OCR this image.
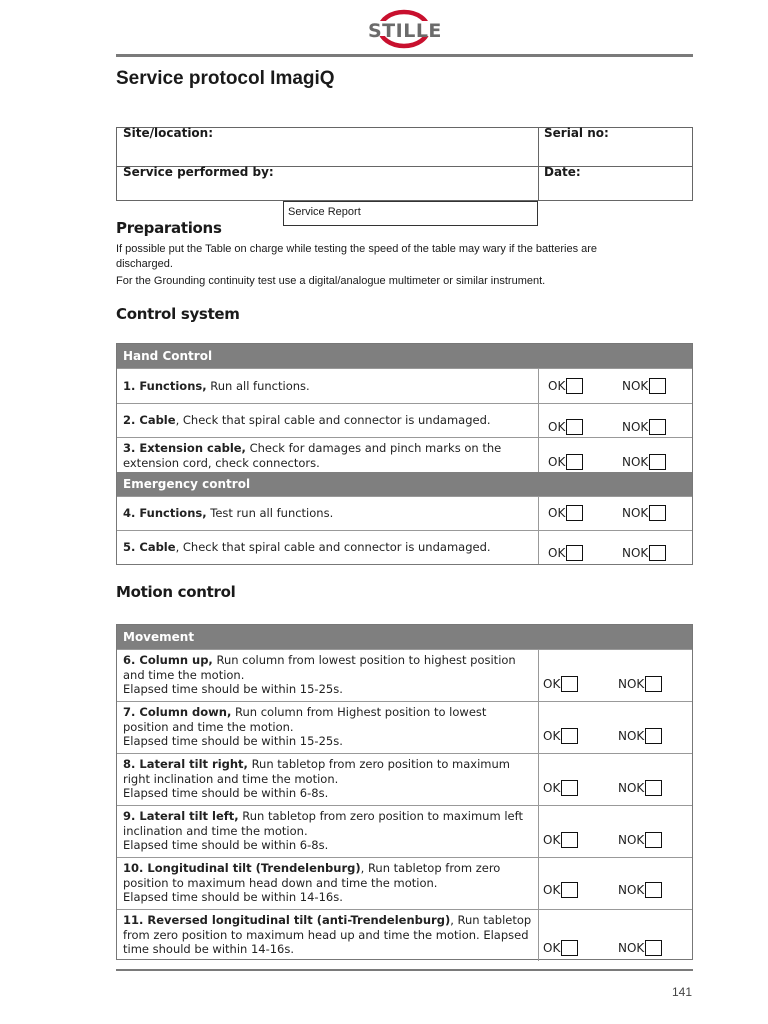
STILLE
Service protocol ImagiQ
Site/location:	Serial no:
Service performed by:	Date:
Service Report
Preparations
If possible put the Table on charge while testing the speed of the table may wary if the batteries are discharged.
For the Grounding continuity test use a digital/analogue multimeter or similar instrument.
Control system
Hand Control
1. Functions, Run all functions.	OK	NOK
2. Cable, Check that spiral cable and connector is undamaged.	OK	NOK
3. Extension cable, Check for damages and pinch marks on the extension cord, check connectors.	OK	NOK
Emergency control
4. Functions, Test run all functions.	OK	NOK
5. Cable, Check that spiral cable and connector is undamaged.	OK	NOK
Motion control
Movement
6. Column up, Run column from lowest position to highest position and time the motion.
Elapsed time should be within 15-25s.	OK	NOK
7. Column down, Run column from Highest position to lowest position and time the motion.
Elapsed time should be within 15-25s.	OK	NOK
8. Lateral tilt right, Run tabletop from zero position to maximum right inclination and time the motion.
Elapsed time should be within 6-8s.	OK	NOK
9. Lateral tilt left, Run tabletop from zero position to maximum left inclination and time the motion.
Elapsed time should be within 6-8s.	OK	NOK
10. Longitudinal tilt (Trendelenburg), Run tabletop from zero position to maximum head down and time the motion.
Elapsed time should be within 14-16s.	OK	NOK
11. Reversed longitudinal tilt (anti-Trendelenburg), Run tabletop from zero position to maximum head up and time the motion. Elapsed time should be within 14-16s.	OK	NOK
141
